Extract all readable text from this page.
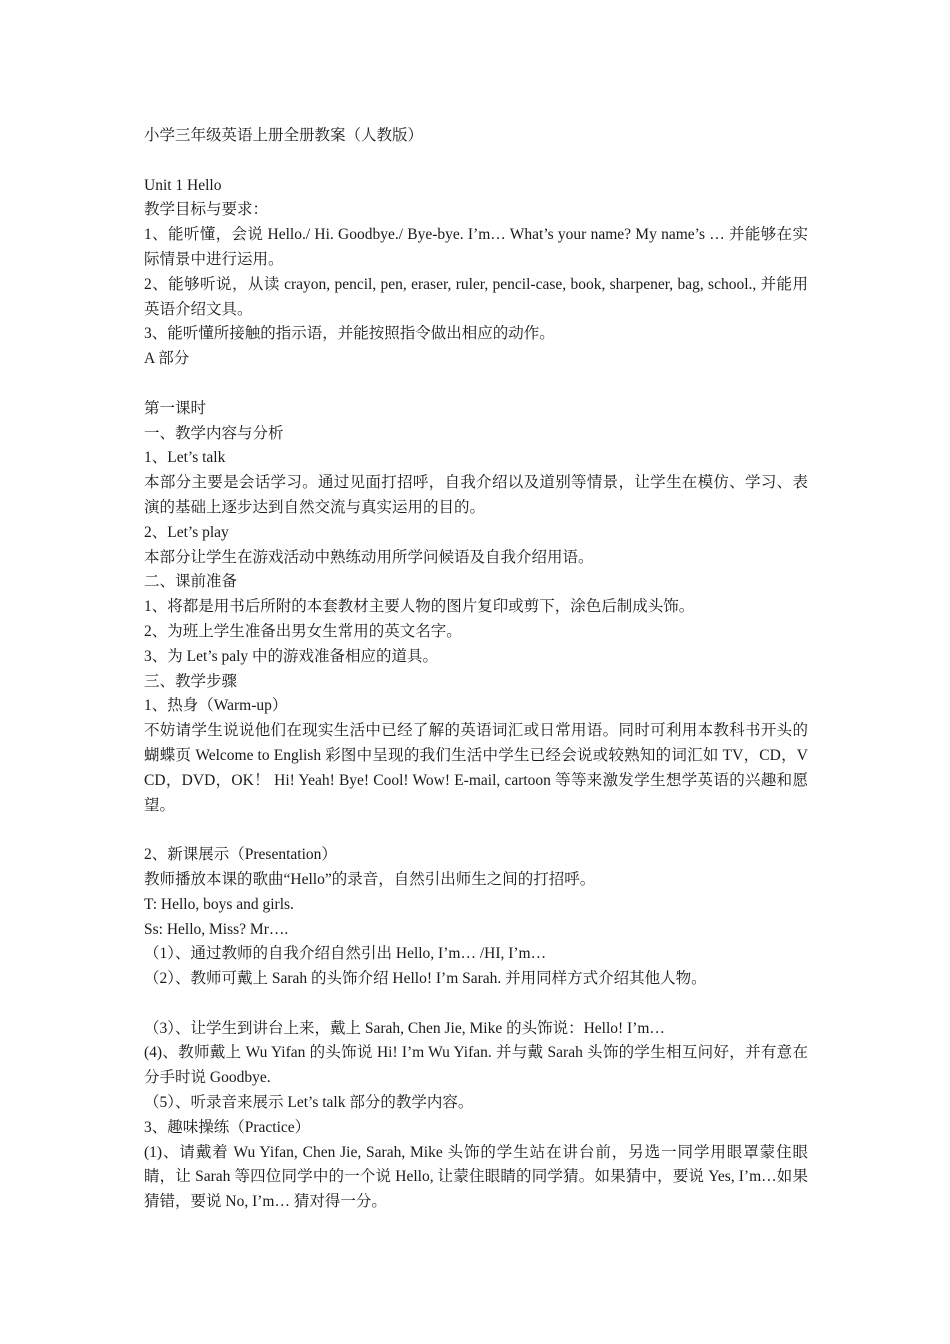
小学三年级英语上册全册教案（人教版）

Unit 1 Hello

教学目标与要求：

1、能听懂，会说 Hello./ Hi. Goodbye./ Bye-bye. I’m… What’s your name? My name’s … 并能够在实际情景中进行运用。

2、能够听说，从读 crayon, pencil, pen, eraser, ruler, pencil-case, book, sharpener, bag, school., 并能用英语介绍文具。

3、能听懂所接触的指示语，并能按照指令做出相应的动作。

A 部分

第一课时

一、教学内容与分析

1、Let’s talk

本部分主要是会话学习。通过见面打招呼，自我介绍以及道别等情景，让学生在模仿、学习、表演的基础上逐步达到自然交流与真实运用的目的。

2、Let’s play

本部分让学生在游戏活动中熟练动用所学问候语及自我介绍用语。

二、课前准备

1、将都是用书后所附的本套教材主要人物的图片复印或剪下，涂色后制成头饰。

2、为班上学生准备出男女生常用的英文名字。

3、为 Let’s paly 中的游戏准备相应的道具。

三、教学步骤

1、热身（Warm-up）

不妨请学生说说他们在现实生活中已经了解的英语词汇或日常用语。同时可利用本教科书开头的蝴蝶页 Welcome to English 彩图中呈现的我们生活中学生已经会说或较熟知的词汇如 TV，CD，VCD，DVD，OK！ Hi! Yeah! Bye! Cool! Wow! E-mail, cartoon 等等来激发学生想学英语的兴趣和愿望。

2、新课展示（Presentation）

教师播放本课的歌曲“Hello”的录音，自然引出师生之间的打招呼。

T: Hello, boys and girls.

Ss: Hello, Miss? Mr….

（1）、通过教师的自我介绍自然引出 Hello, I’m… /HI, I’m…

（2）、教师可戴上 Sarah 的头饰介绍 Hello! I’m Sarah. 并用同样方式介绍其他人物。

（3）、让学生到讲台上来，戴上 Sarah, Chen Jie, Mike 的头饰说：Hello! I’m…

(4)、教师戴上 Wu Yifan 的头饰说 Hi! I’m Wu Yifan. 并与戴 Sarah 头饰的学生相互问好，并有意在分手时说 Goodbye.

（5）、听录音来展示 Let’s talk 部分的教学内容。

3、趣味操练（Practice）

(1)、请戴着 Wu Yifan, Chen Jie, Sarah, Mike 头饰的学生站在讲台前，另选一同学用眼罩蒙住眼睛，让 Sarah 等四位同学中的一个说 Hello, 让蒙住眼睛的同学猜。如果猜中，要说 Yes, I’m…如果猜错，要说 No, I’m… 猜对得一分。
